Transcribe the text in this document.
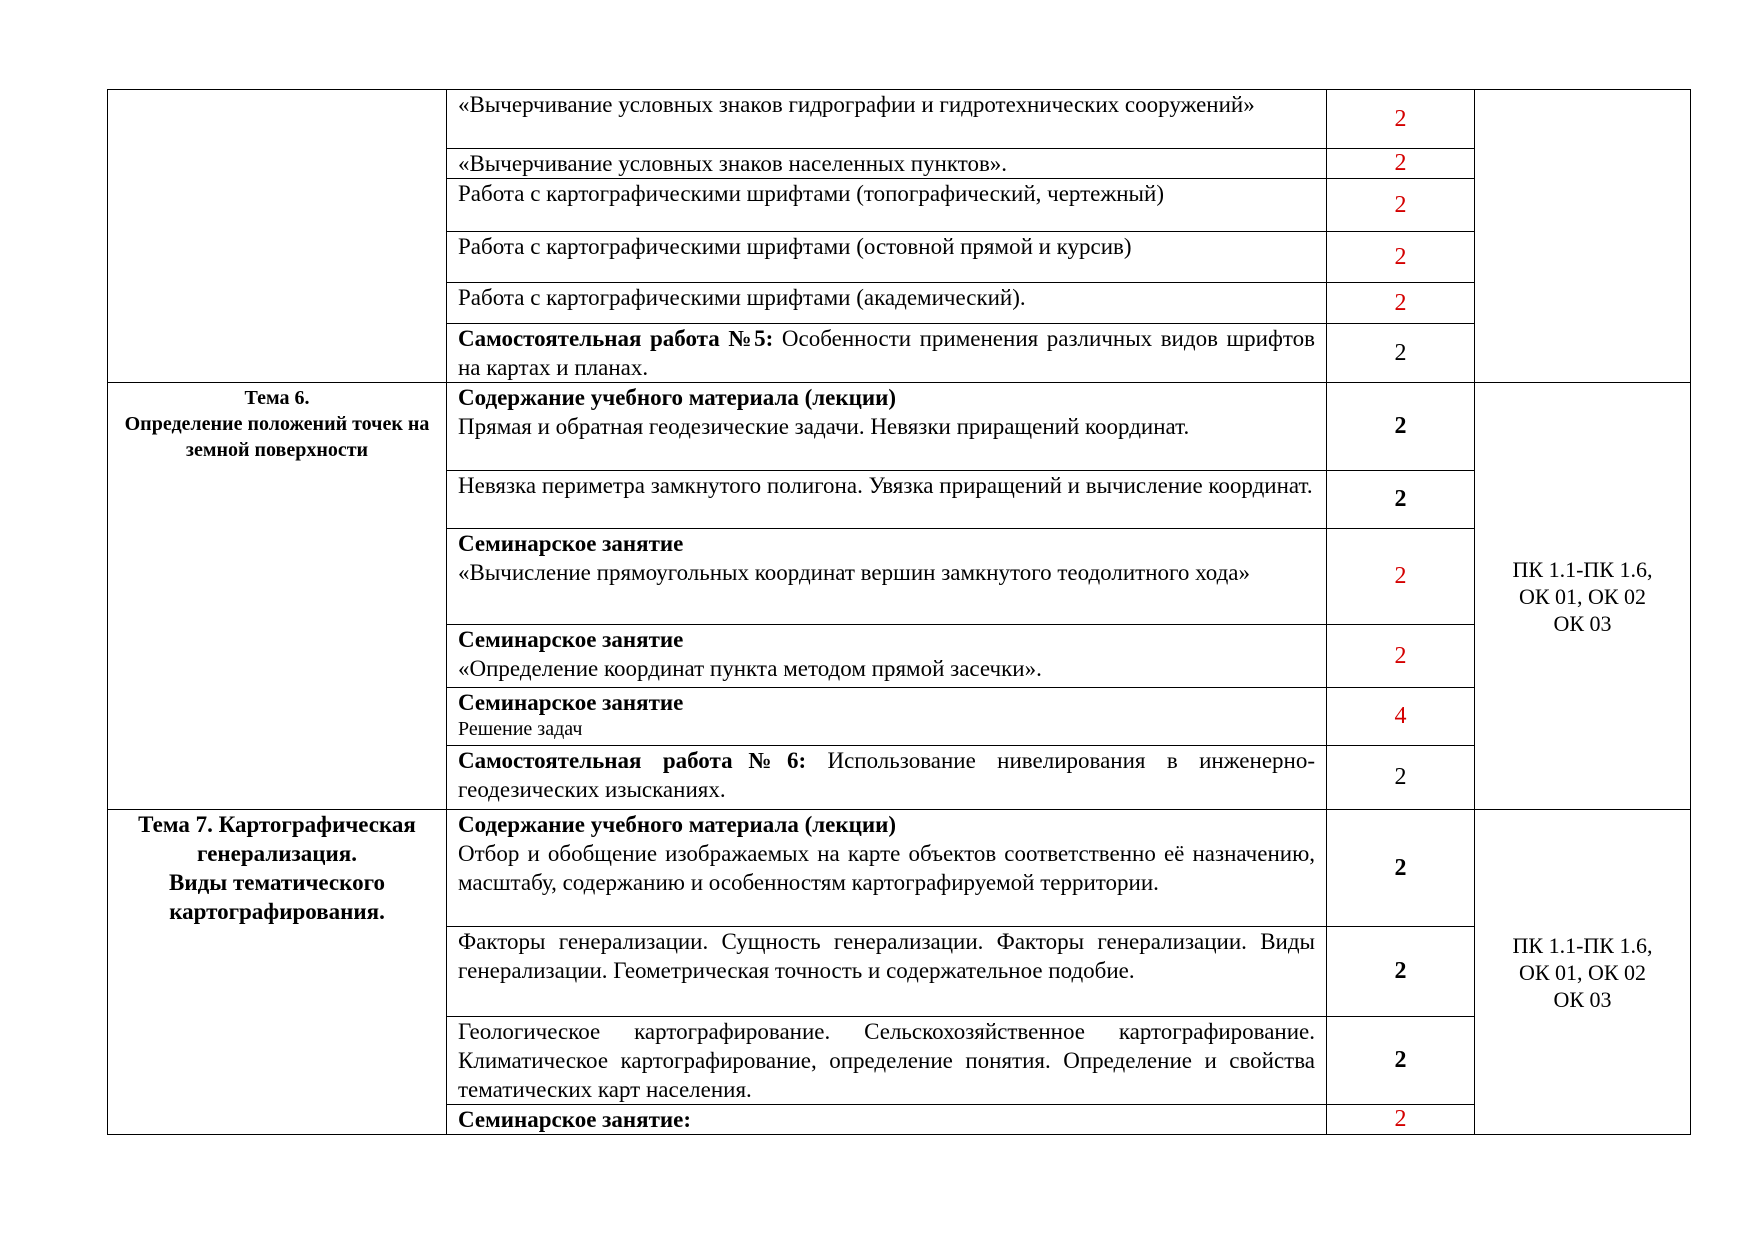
	«Вычерчивание условных знаков гидрографии и гидротехнических сооружений»	2	
	«Вычерчивание условных знаков населенных пунктов».	2	
	Работа с картографическими шрифтами (топографический, чертежный)	2	
	Работа с картографическими шрифтами (остовной прямой и курсив)	2	
	Работа с картографическими шрифтами (академический).	2	
	Самостоятельная работа №5: Особенности применения различных видов шрифтов на картах и планах.	2	

Тема 6.
Определение положений точек на земной поверхности	Содержание учебного материала (лекции)
Прямая и обратная геодезические задачи. Невязки приращений координат.	2	ПК 1.1-ПК 1.6,
ОК 01, ОК 02
ОК 03

	Невязка периметра замкнутого полигона. Увязка приращений и вычисление координат.	2	

	Семинарское занятие
«Вычисление прямоугольных координат вершин замкнутого теодолитного хода»	2	

	Семинарское занятие
«Определение координат пункта методом прямой засечки».	2	

	Семинарское занятие
Решение задач	4	
	Самостоятельная работа№6: Использование нивелирования в инженерно-геодезических изысканиях.	2	

Тема 7. Картографическая генерализация.
Виды тематического картографирования.	Содержание учебного материала (лекции)
Отбор и обобщение изображаемых на карте объектов соответственно её назначению, масштабу, содержанию и особенностям картографируемой территории.	2	ПК 1.1-ПК 1.6,
ОК 01, ОК 02
ОК 03

	Факторы генерализации. Сущность генерализации. Факторы генерализации. Виды генерализации. Геометрическая точность и содержательное подобие.	2	
	Геологическое картографирование. Сельскохозяйственное картографирование. Климатическое картографирование, определение понятия. Определение и свойства тематических карт населения.	2	
	Семинарское занятие:	2	
